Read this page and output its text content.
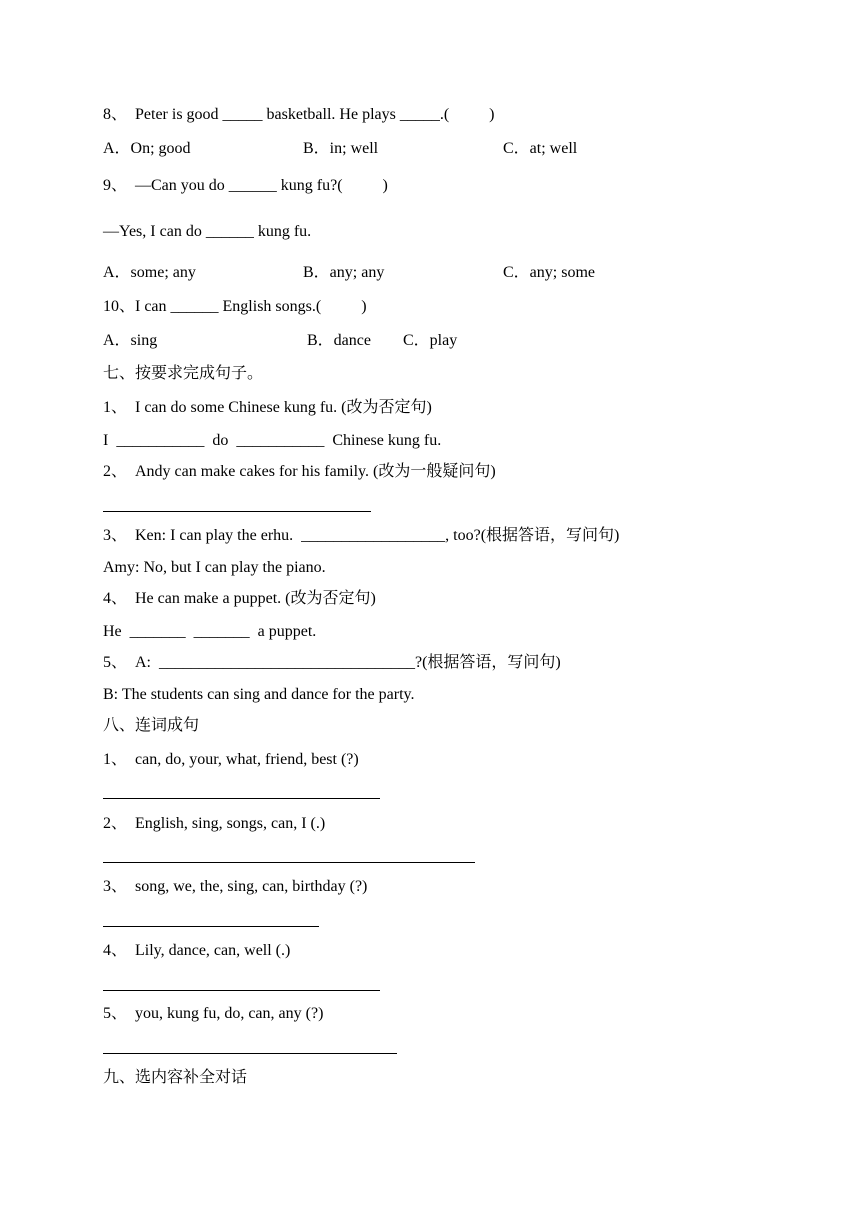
8、  Peter is good _____ basketball. He plays _____.(          )
A．On; good	B．in; well	C．at; well
9、  —Can you do ______ kung fu?(          )
—Yes, I can do ______ kung fu.
A．some; any	B．any; any	C．any; some
10、I can ______ English songs.(          )
A．sing	B．dance C．play
七、按要求完成句子。
1、  I can do some Chinese kung fu. (改为否定句)
I  ___________  do  ___________  Chinese kung fu.
2、  Andy can make cakes for his family. (改为一般疑问句)
3、  Ken: I can play the erhu.  __________________, too?(根据答语，写问句)
Amy: No, but I can play the piano.
4、  He can make a puppet. (改为否定句)
He  _______  _______  a puppet.
5、  A:  ________________________________?(根据答语，写问句)
B: The students can sing and dance for the party.
八、连词成句
1、  can, do, your, what, friend, best (?)
2、  English, sing, songs, can, I (.)
3、  song, we, the, sing, can, birthday (?)
4、  Lily, dance, can, well (.)
5、  you, kung fu, do, can, any (?)
九、选内容补全对话
